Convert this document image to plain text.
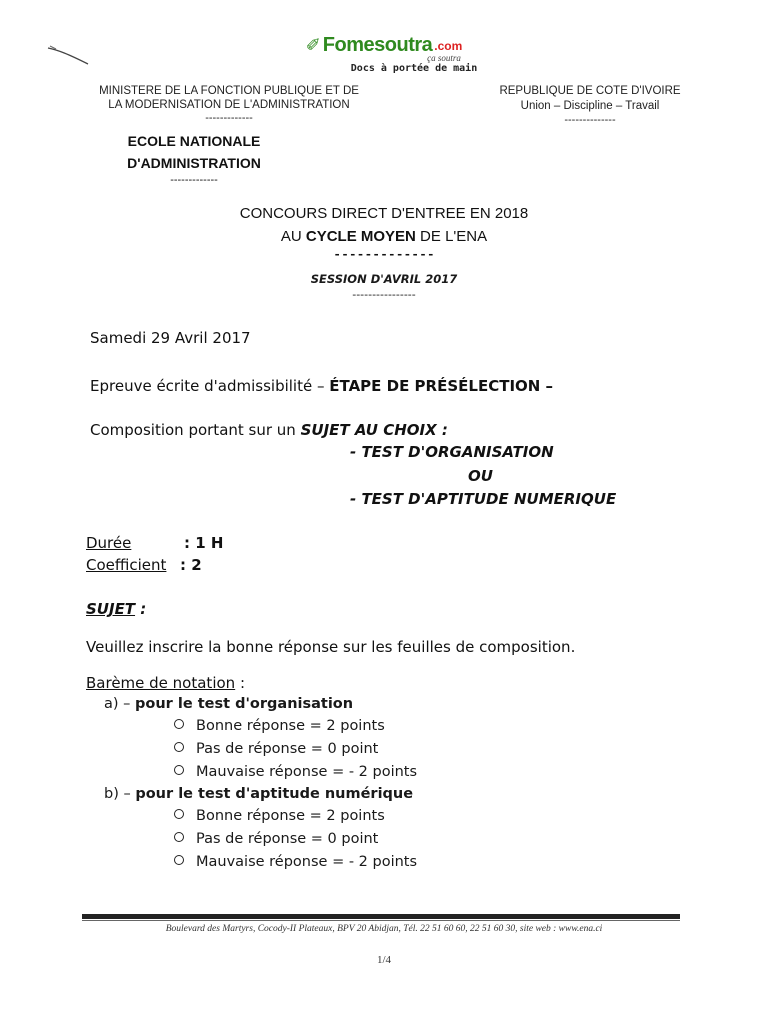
✐ Fomesoutra .com
ça soutra
Docs à portée de main
MINISTERE DE LA FONCTION PUBLIQUE ET DE
LA MODERNISATION DE L'ADMINISTRATION
-------------
ECOLE NATIONALE
D'ADMINISTRATION
-------------
REPUBLIQUE DE COTE D'IVOIRE
Union – Discipline – Travail
--------------
CONCOURS DIRECT D'ENTREE EN 2018
AU CYCLE MOYEN DE L'ENA
-------------
SESSION D'AVRIL 2017
----------------
Samedi 29 Avril 2017
Epreuve écrite d'admissibilité – ÉTAPE DE PRÉSÉLECTION –
Composition portant sur un SUJET AU CHOIX :
- TEST D'ORGANISATION
OU
- TEST D'APTITUDE NUMERIQUE
Durée	: 1 H
Coefficient : 2
SUJET :
Veuillez inscrire la bonne réponse sur les feuilles de composition.
Barème de notation :
a) – pour le test d'organisation
Bonne réponse = 2 points
Pas de réponse = 0 point
Mauvaise réponse = - 2 points
b) – pour le test d'aptitude numérique
Bonne réponse = 2 points
Pas de réponse = 0 point
Mauvaise réponse = - 2 points
Boulevard des Martyrs, Cocody-II Plateaux, BPV 20 Abidjan, Tél. 22 51 60 60, 22 51 60 30, site web : www.ena.ci
1/4
